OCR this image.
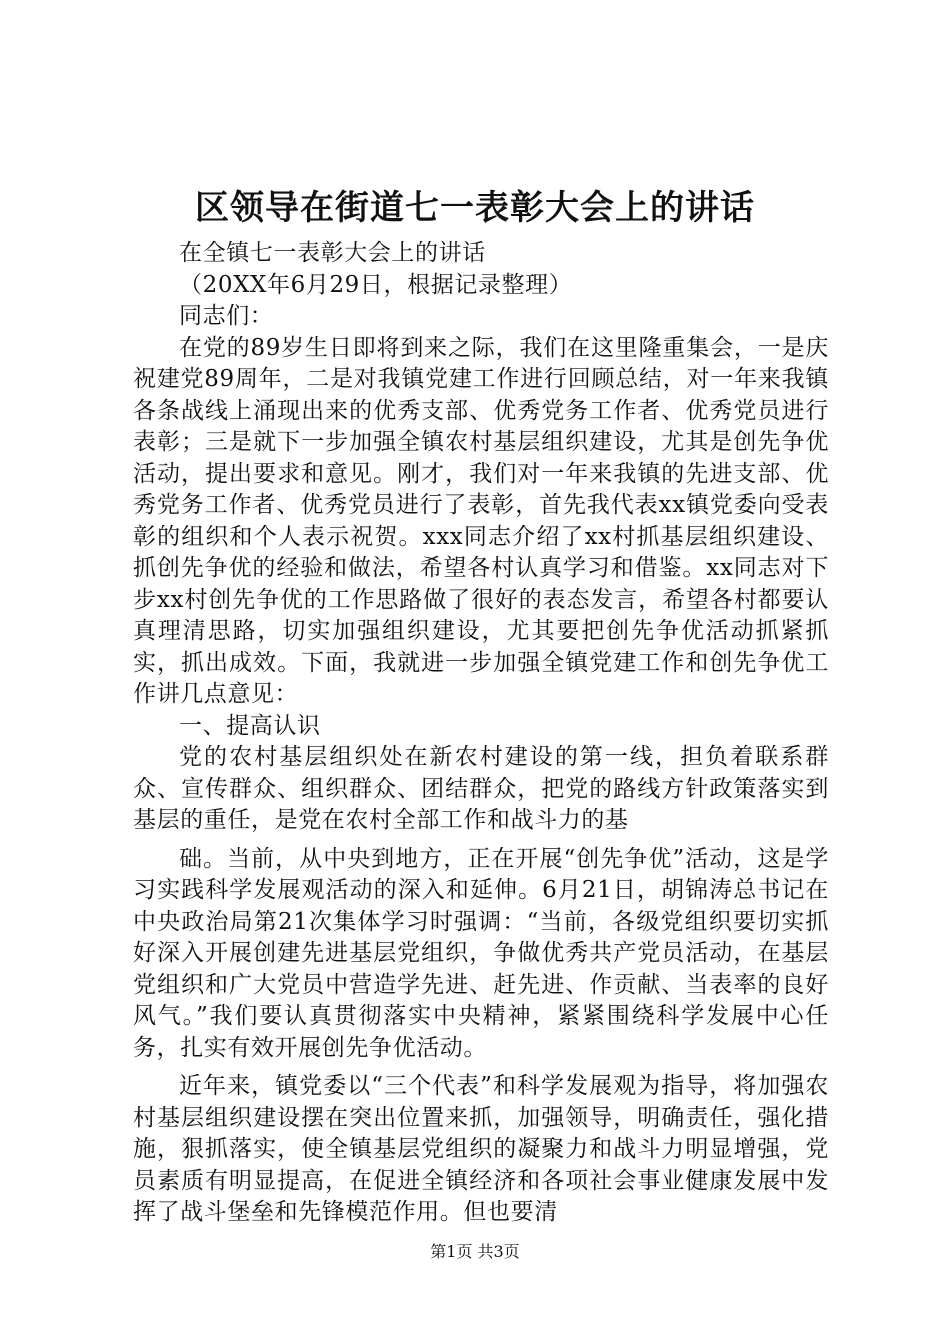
区领导在街道七一表彰大会上的讲话

在全镇七一表彰大会上的讲话

（20XX年6月29日，根据记录整理）

同志们：

在党的89岁生日即将到来之际，我们在这里隆重集会，一是庆祝建党89周年，二是对我镇党建工作进行回顾总结，对一年来我镇各条战线上涌现出来的优秀支部、优秀党务工作者、优秀党员进行表彰；三是就下一步加强全镇农村基层组织建设，尤其是创先争优活动，提出要求和意见。刚才，我们对一年来我镇的先进支部、优秀党务工作者、优秀党员进行了表彰，首先我代表xx镇党委向受表彰的组织和个人表示祝贺。xxx同志介绍了xx村抓基层组织建设、抓创先争优的经验和做法，希望各村认真学习和借鉴。xx同志对下步xx村创先争优的工作思路做了很好的表态发言，希望各村都要认真理清思路，切实加强组织建设，尤其要把创先争优活动抓紧抓实，抓出成效。下面，我就进一步加强全镇党建工作和创先争优工作讲几点意见：

一、提高认识

党的农村基层组织处在新农村建设的第一线，担负着联系群众、宣传群众、组织群众、团结群众，把党的路线方针政策落实到基层的重任，是党在农村全部工作和战斗力的基

础。当前，从中央到地方，正在开展“创先争优”活动，这是学习实践科学发展观活动的深入和延伸。6月21日，胡锦涛总书记在中央政治局第21次集体学习时强调：“当前，各级党组织要切实抓好深入开展创建先进基层党组织，争做优秀共产党员活动，在基层党组织和广大党员中营造学先进、赶先进、作贡献、当表率的良好风气。”我们要认真贯彻落实中央精神，紧紧围绕科学发展中心任务，扎实有效开展创先争优活动。

近年来，镇党委以“三个代表”和科学发展观为指导，将加强农村基层组织建设摆在突出位置来抓，加强领导，明确责任，强化措施，狠抓落实，使全镇基层党组织的凝聚力和战斗力明显增强，党员素质有明显提高，在促进全镇经济和各项社会事业健康发展中发挥了战斗堡垒和先锋模范作用。但也要清

第1页 共3页
